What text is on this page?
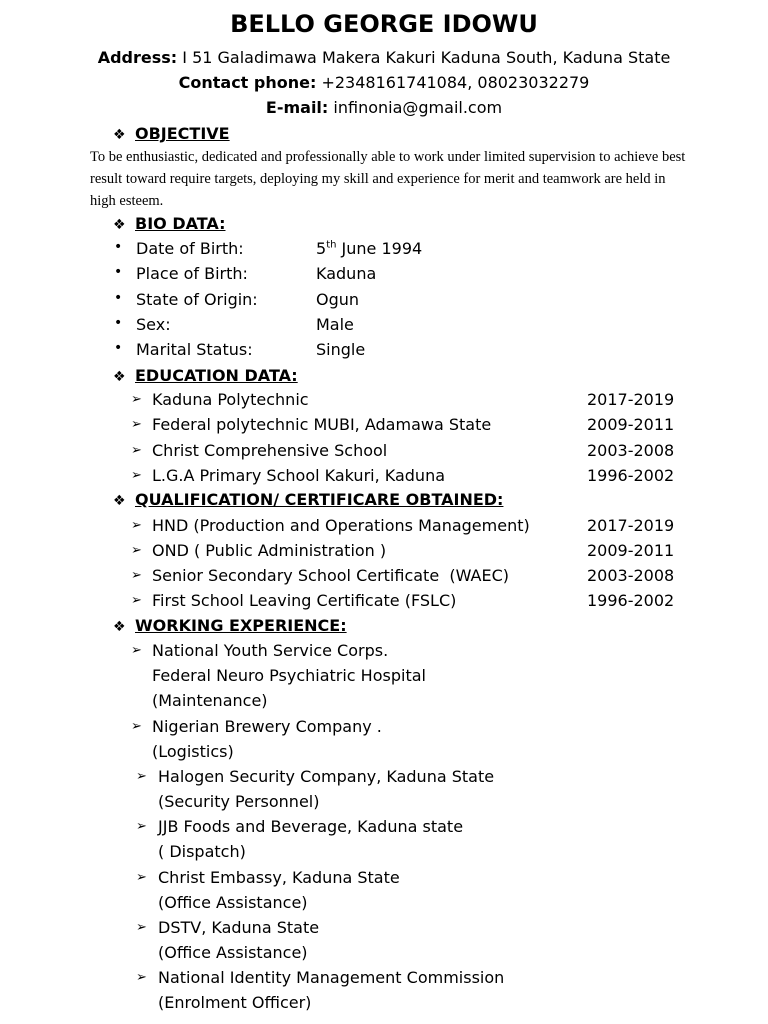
BELLO GEORGE IDOWU
Address: I 51 Galadimawa Makera Kakuri Kaduna South, Kaduna State
Contact phone: +2348161741084, 08023032279
E-mail: infinonia@gmail.com
❖ OBJECTIVE
To be enthusiastic, dedicated and professionally able to work under limited supervision to achieve best result toward require targets, deploying my skill and experience for merit and teamwork are held in high esteem.
❖ BIO DATA:
• Date of Birth:	5th June 1994
• Place of Birth:	Kaduna
• State of Origin:	Ogun
• Sex:	Male
• Marital Status:	Single
❖ EDUCATION DATA:
➢ Kaduna Polytechnic	2017-2019
➢ Federal polytechnic MUBI, Adamawa State	2009-2011
➢ Christ Comprehensive School	2003-2008
➢ L.G.A Primary School Kakuri, Kaduna	1996-2002
❖ QUALIFICATION/ CERTIFICARE OBTAINED:
➢ HND (Production and Operations Management)	2017-2019
➢ OND ( Public Administration )	2009-2011
➢ Senior Secondary School Certificate  (WAEC)	2003-2008
➢ First School Leaving Certificate (FSLC)	1996-2002
❖ WORKING EXPERIENCE:
➢ National Youth Service Corps.
Federal Neuro Psychiatric Hospital
(Maintenance)
➢ Nigerian Brewery Company .
(Logistics)
➢ Halogen Security Company, Kaduna State
(Security Personnel)
➢ JJB Foods and Beverage, Kaduna state
( Dispatch)
➢ Christ Embassy, Kaduna State
(Office Assistance)
➢ DSTV, Kaduna State
(Office Assistance)
➢ National Identity Management Commission
(Enrolment Officer)
